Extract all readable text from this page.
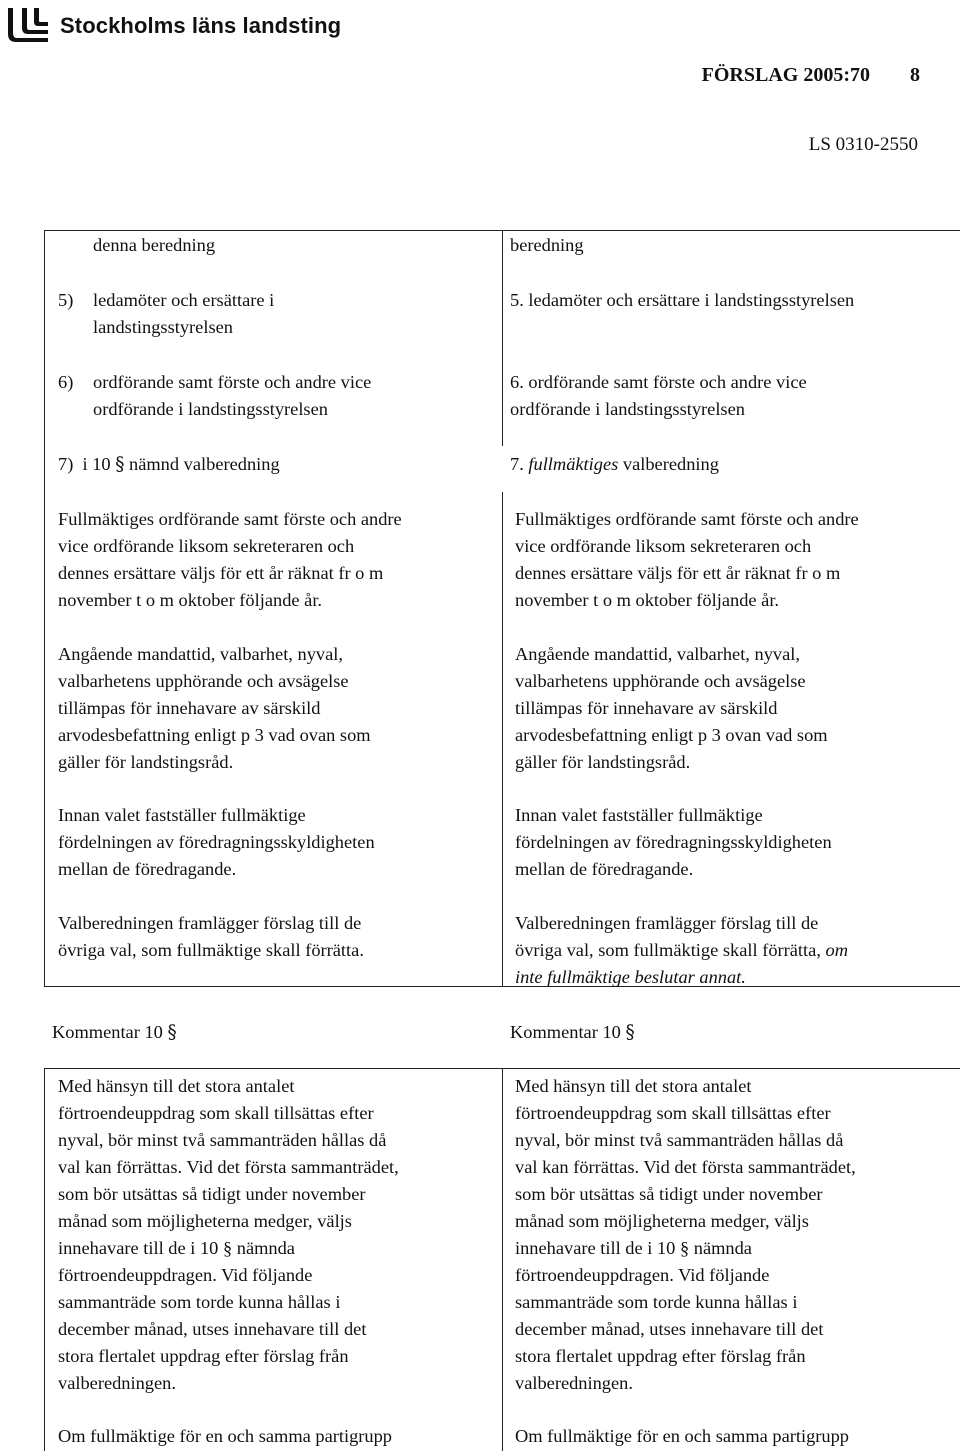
Stockholms läns landsting
FÖRSLAG 2005:70        8
LS 0310-2550
denna beredning
5) ledamöter och ersättare i
landstingsstyrelsen
6) ordförande samt förste och andre vice
ordförande i landstingsstyrelsen
7)  i 10 § nämnd valberedning
Fullmäktiges ordförande samt förste och andre
vice ordförande liksom sekreteraren och
dennes ersättare väljs för ett år räknat fr o m
november t o m oktober följande år.
Angående mandattid, valbarhet, nyval,
valbarhetens upphörande och avsägelse
tillämpas för innehavare av särskild
arvodesbefattning enligt p 3 vad ovan som
gäller för landstingsråd.
Innan valet fastställer fullmäktige
fördelningen av föredragningsskyldigheten
mellan de föredragande.
Valberedningen framlägger förslag till de
övriga val, som fullmäktige skall förrätta.
beredning
5. ledamöter och ersättare i landstingsstyrelsen
6. ordförande samt förste och andre vice
ordförande i landstingsstyrelsen
7. fullmäktiges valberedning
Fullmäktiges ordförande samt förste och andre
vice ordförande liksom sekreteraren och
dennes ersättare väljs för ett år räknat fr o m
november t o m oktober följande år.
Angående mandattid, valbarhet, nyval,
valbarhetens upphörande och avsägelse
tillämpas för innehavare av särskild
arvodesbefattning enligt p 3 ovan vad som
gäller för landstingsråd.
Innan valet fastställer fullmäktige
fördelningen av föredragningsskyldigheten
mellan de föredragande.
Valberedningen framlägger förslag till de
övriga val, som fullmäktige skall förrätta, om
inte fullmäktige beslutar annat.
Kommentar 10 §	Kommentar 10 §
Med hänsyn till det stora antalet
förtroendeuppdrag som skall tillsättas efter
nyval, bör minst två sammanträden hållas då
val kan förrättas. Vid det första sammanträdet,
som bör utsättas så tidigt under november
månad som möjligheterna medger, väljs
innehavare till de i 10 § nämnda
förtroendeuppdragen. Vid följande
sammanträde som torde kunna hållas i
december månad, utses innehavare till det
stora flertalet uppdrag efter förslag från
valberedningen.
Om fullmäktige för en och samma partigrupp
Med hänsyn till det stora antalet
förtroendeuppdrag som skall tillsättas efter
nyval, bör minst två sammanträden hållas då
val kan förrättas. Vid det första sammanträdet,
som bör utsättas så tidigt under november
månad som möjligheterna medger, väljs
innehavare till de i 10 § nämnda
förtroendeuppdragen. Vid följande
sammanträde som torde kunna hållas i
december månad, utses innehavare till det
stora flertalet uppdrag efter förslag från
valberedningen.
Om fullmäktige för en och samma partigrupp
